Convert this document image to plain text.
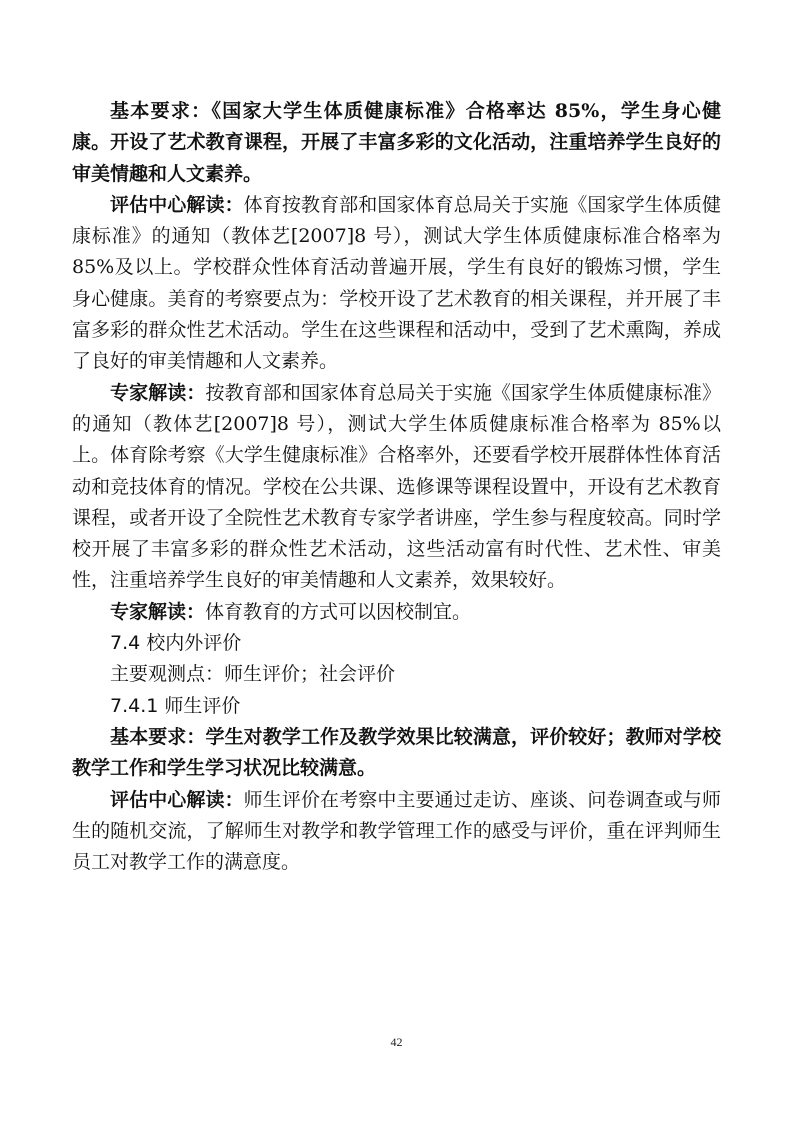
基本要求：《国家大学生体质健康标准》合格率达 85%，学生身心健康。开设了艺术教育课程，开展了丰富多彩的文化活动，注重培养学生良好的审美情趣和人文素养。

评估中心解读：体育按教育部和国家体育总局关于实施《国家学生体质健康标准》的通知（教体艺[2007]8 号），测试大学生体质健康标准合格率为 85%及以上。学校群众性体育活动普遍开展，学生有良好的锻炼习惯，学生身心健康。美育的考察要点为：学校开设了艺术教育的相关课程，并开展了丰富多彩的群众性艺术活动。学生在这些课程和活动中，受到了艺术熏陶，养成了良好的审美情趣和人文素养。

专家解读：按教育部和国家体育总局关于实施《国家学生体质健康标准》的通知（教体艺[2007]8 号），测试大学生体质健康标准合格率为 85%以上。体育除考察《大学生健康标准》合格率外，还要看学校开展群体性体育活动和竞技体育的情况。学校在公共课、选修课等课程设置中，开设有艺术教育课程，或者开设了全院性艺术教育专家学者讲座，学生参与程度较高。同时学校开展了丰富多彩的群众性艺术活动，这些活动富有时代性、艺术性、审美性，注重培养学生良好的审美情趣和人文素养，效果较好。

专家解读：体育教育的方式可以因校制宜。

7.4 校内外评价

主要观测点：师生评价；社会评价

7.4.1 师生评价

基本要求：学生对教学工作及教学效果比较满意，评价较好；教师对学校教学工作和学生学习状况比较满意。

评估中心解读：师生评价在考察中主要通过走访、座谈、问卷调查或与师生的随机交流，了解师生对教学和教学管理工作的感受与评价，重在评判师生员工对教学工作的满意度。

42
